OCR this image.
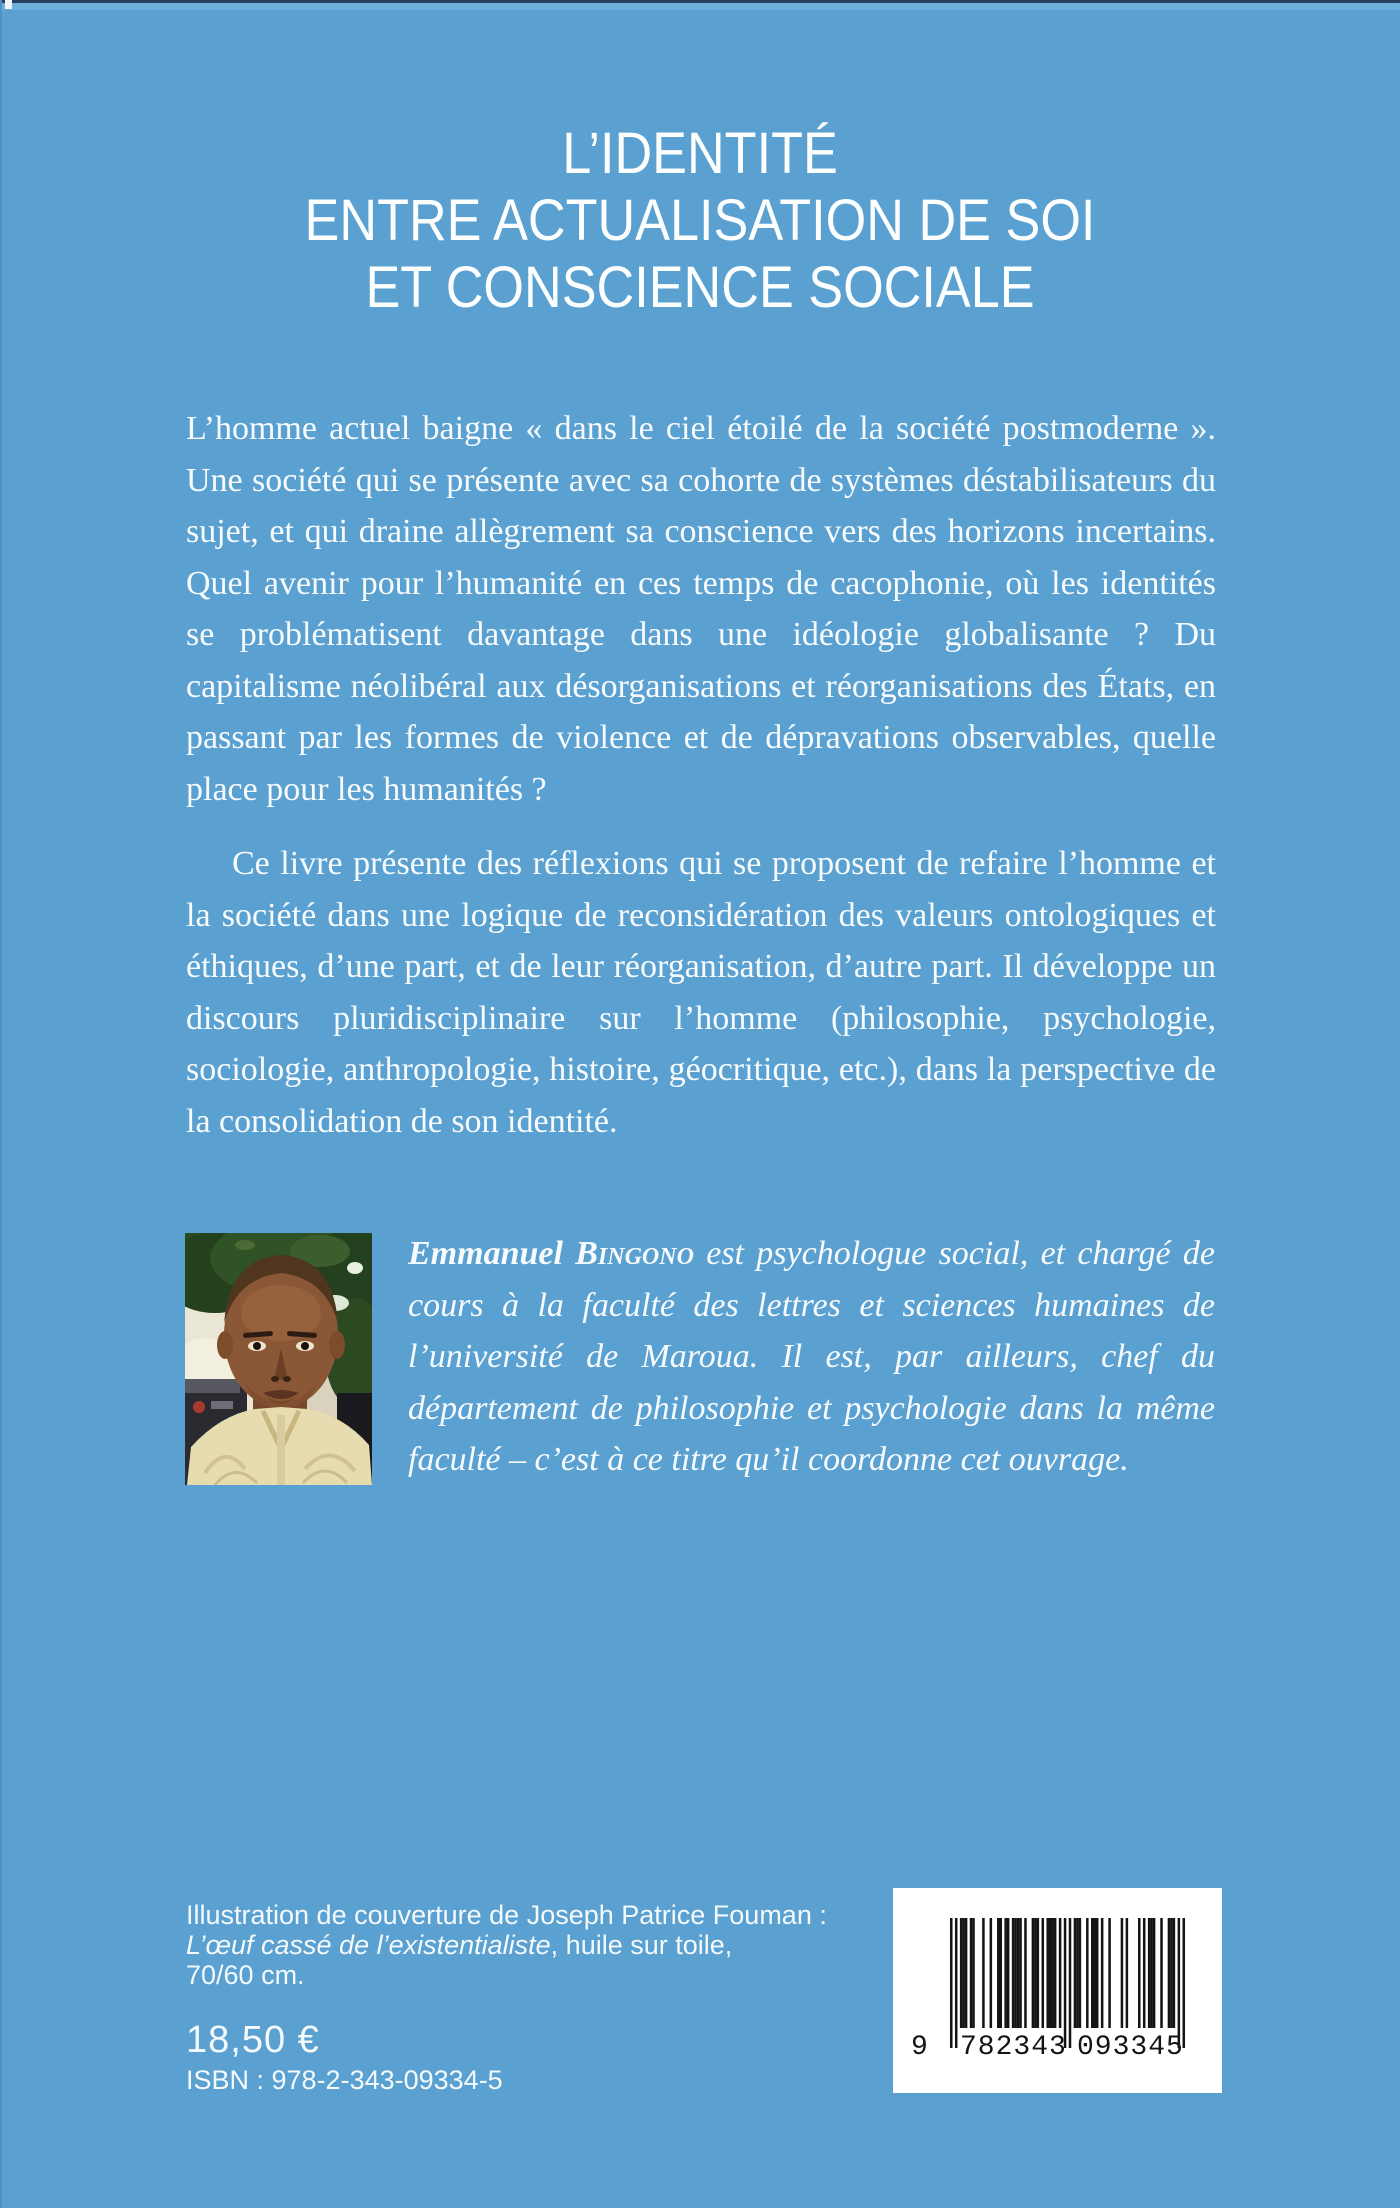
L’IDENTITÉ
ENTRE ACTUALISATION DE SOI
ET CONSCIENCE SOCIALE
L’homme actuel baigne « dans le ciel étoilé de la société postmoderne ». Une société qui se présente avec sa cohorte de systèmes déstabilisateurs du sujet, et qui draine allègrement sa conscience vers des horizons incertains. Quel avenir pour l’humanité en ces temps de cacophonie, où les identités se problématisent davantage dans une idéologie globalisante ? Du capitalisme néolibéral aux désorganisations et réorganisations des États, en passant par les formes de violence et de dépravations observables, quelle place pour les humanités ?
Ce livre présente des réflexions qui se proposent de refaire l’homme et la société dans une logique de reconsidération des valeurs ontologiques et éthiques, d’une part, et de leur réorganisation, d’autre part. Il développe un discours pluridisciplinaire sur l’homme (philosophie, psychologie, sociologie, anthropologie, histoire, géocritique, etc.), dans la perspective de la consolidation de son identité.
Emmanuel Bingono est psychologue social, et chargé de cours à la faculté des lettres et sciences humaines de l’université de Maroua. Il est, par ailleurs, chef du département de philosophie et psychologie dans la même faculté – c’est à ce titre qu’il coordonne cet ouvrage.
Illustration de couverture de Joseph Patrice Fouman :
L’œuf cassé de l’existentialiste, huile sur toile,
70/60 cm.
18,50 €
ISBN : 978-2-343-09334-5
9 782343 093345
